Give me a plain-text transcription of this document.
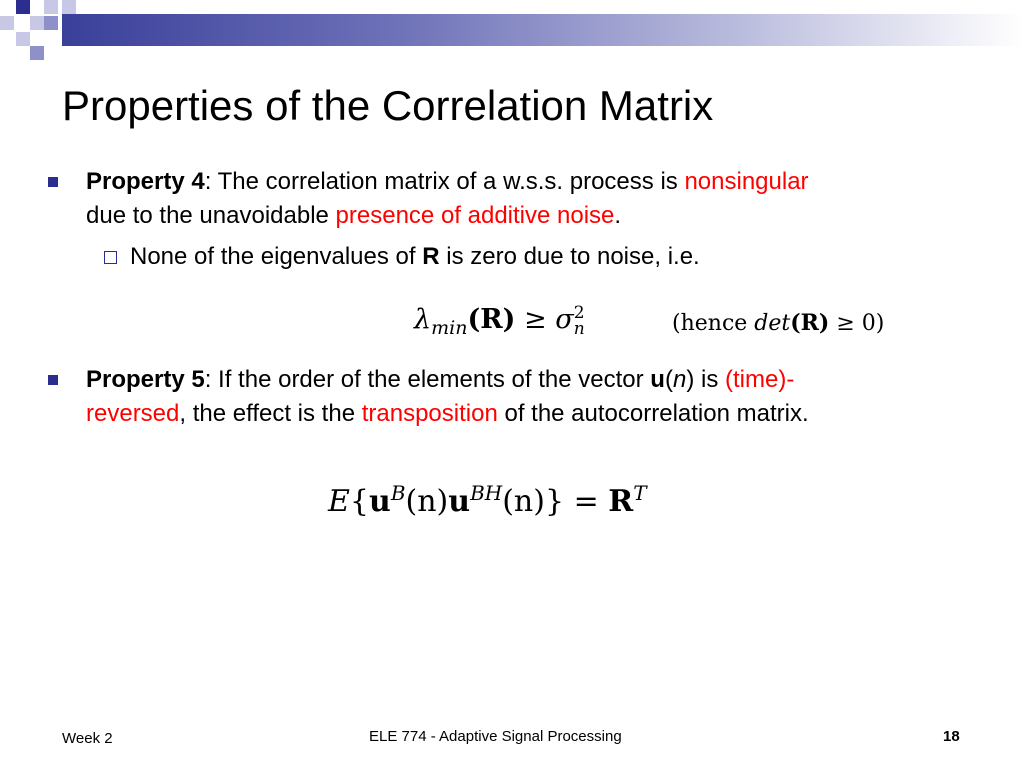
Properties of the Correlation Matrix
Property 4: The correlation matrix of a w.s.s. process is nonsingular
due to the unavoidable presence of additive noise.
None of the eigenvalues of R is zero due to noise, i.e.
$\lambda_{min}(R) \ge \sigma$ 2
n	(hence det(R) ≥ 0)
Property 5: If the order of the elements of the vector u(n) is (time)-
reversed, the effect is the transposition of the autocorrelation matrix.
$E\{u^B(n)u^{BH}(n)\} = R^T$
Week 2	ELE 774 - Adaptive Signal Processing	18
